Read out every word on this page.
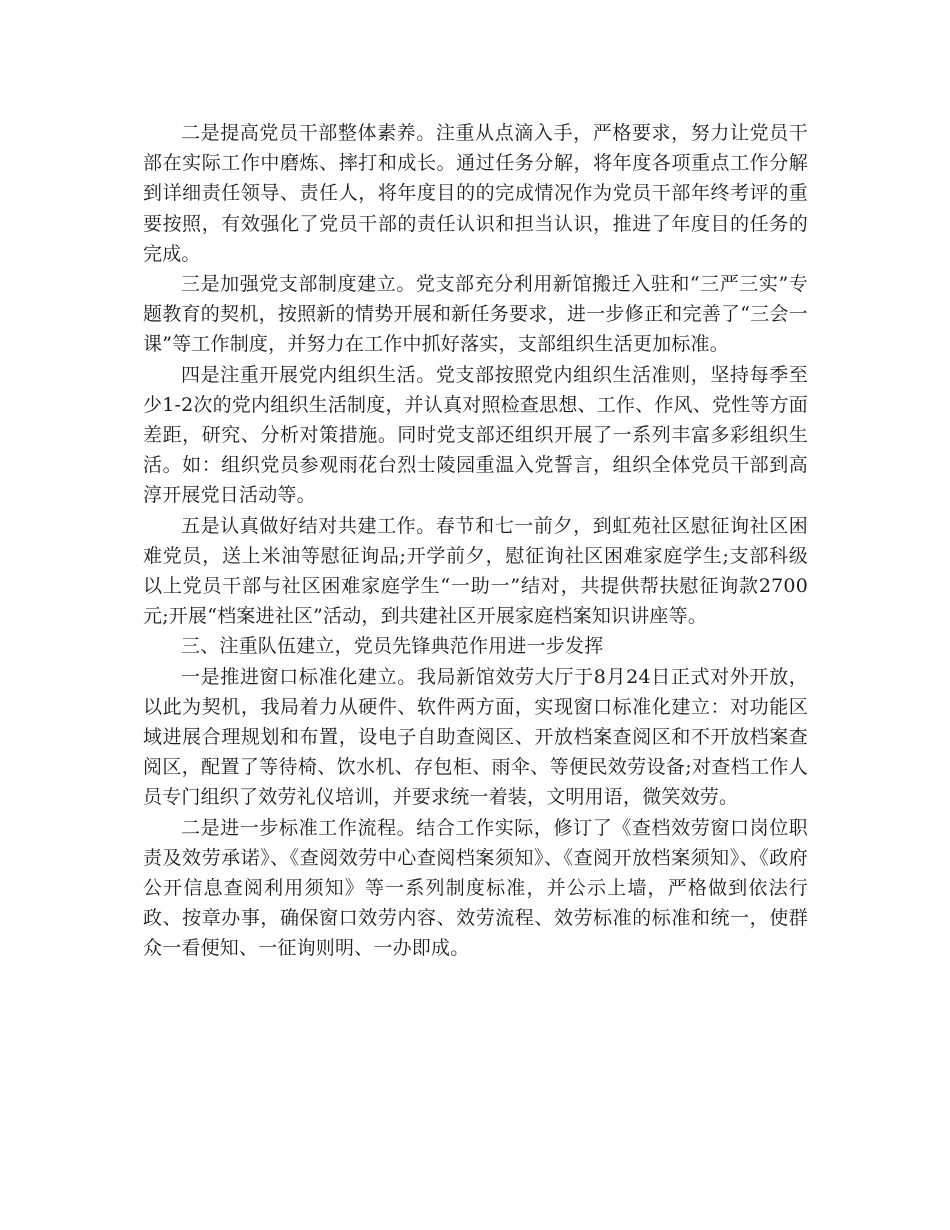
二是提高党员干部整体素养。注重从点滴入手，严格要求，努力让党员干部在实际工作中磨炼、摔打和成长。通过任务分解，将年度各项重点工作分解到详细责任领导、责任人，将年度目的的完成情况作为党员干部年终考评的重要按照，有效强化了党员干部的责任认识和担当认识，推进了年度目的任务的完成。

三是加强党支部制度建立。党支部充分利用新馆搬迁入驻和“三严三实”专题教育的契机，按照新的情势开展和新任务要求，进一步修正和完善了“三会一课”等工作制度，并努力在工作中抓好落实，支部组织生活更加标准。

四是注重开展党内组织生活。党支部按照党内组织生活准则，坚持每季至少1-2次的党内组织生活制度，并认真对照检查思想、工作、作风、党性等方面差距，研究、分析对策措施。同时党支部还组织开展了一系列丰富多彩组织生活。如：组织党员参观雨花台烈士陵园重温入党誓言，组织全体党员干部到高淳开展党日活动等。

五是认真做好结对共建工作。春节和七一前夕，到虹苑社区慰征询社区困难党员，送上米油等慰征询品;开学前夕，慰征询社区困难家庭学生;支部科级以上党员干部与社区困难家庭学生“一助一”结对，共提供帮扶慰征询款2700元;开展“档案进社区”活动，到共建社区开展家庭档案知识讲座等。

三、注重队伍建立，党员先锋典范作用进一步发挥

一是推进窗口标准化建立。我局新馆效劳大厅于8月24日正式对外开放，以此为契机，我局着力从硬件、软件两方面，实现窗口标准化建立：对功能区域进展合理规划和布置，设电子自助查阅区、开放档案查阅区和不开放档案查阅区，配置了等待椅、饮水机、存包柜、雨伞、等便民效劳设备;对查档工作人员专门组织了效劳礼仪培训，并要求统一着装，文明用语，微笑效劳。

二是进一步标准工作流程。结合工作实际，修订了《查档效劳窗口岗位职责及效劳承诺》、《查阅效劳中心查阅档案须知》、《查阅开放档案须知》、《政府公开信息查阅利用须知》等一系列制度标准，并公示上墙，严格做到依法行政、按章办事，确保窗口效劳内容、效劳流程、效劳标准的标准和统一，使群众一看便知、一征询则明、一办即成。
